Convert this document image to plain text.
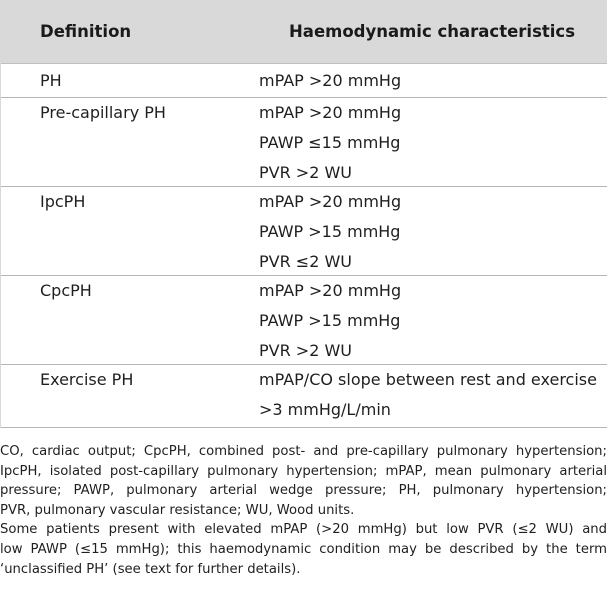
Definition	Haemodynamic characteristics
PH	mPAP >20 mmHg
Pre-capillary PH	mPAP >20 mmHg
PAWP ≤15 mmHg
PVR >2 WU
IpcPH	mPAP >20 mmHg
PAWP >15 mmHg
PVR ≤2 WU
CpcPH	mPAP >20 mmHg
PAWP >15 mmHg
PVR >2 WU
Exercise PH	mPAP/CO slope between rest and exercise
>3 mmHg/L/min
CO, cardiac output; CpcPH, combined post- and pre-capillary pulmonary hypertension;
IpcPH, isolated post-capillary pulmonary hypertension; mPAP, mean pulmonary arterial
pressure; PAWP, pulmonary arterial wedge pressure; PH, pulmonary hypertension;
PVR, pulmonary vascular resistance; WU, Wood units.
Some patients present with elevated mPAP (>20 mmHg) but low PVR (≤2 WU) and
low PAWP (≤15 mmHg); this haemodynamic condition may be described by the term
‘unclassified PH’ (see text for further details).
